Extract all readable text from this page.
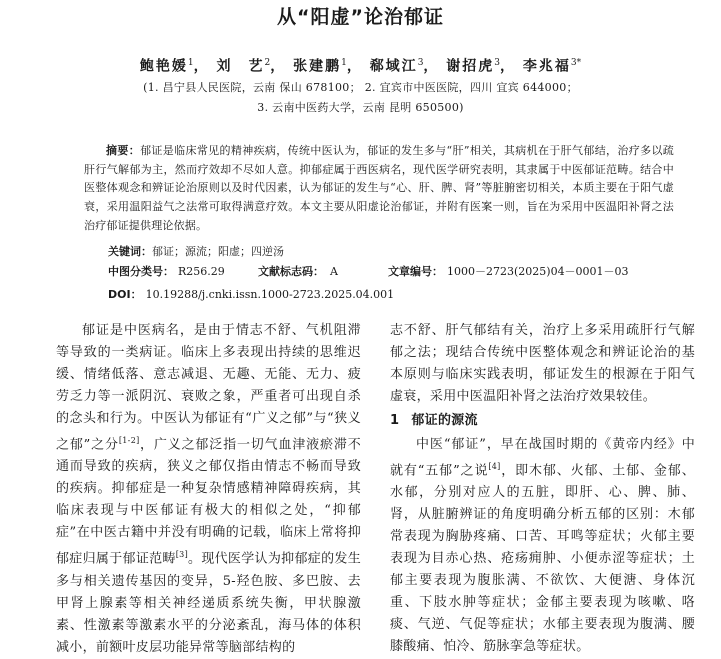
从“阳虚”论治郁证
鲍艳媛$^1$， 刘　艺$^2$， 张建鹏$^1$， 郗域江$^3$， 谢招虎$^3$， 李兆福$^{3*}$
(1. 昌宁县人民医院，云南 保山 678100； 2. 宜宾市中医医院，四川 宜宾 644000；
3. 云南中医药大学，云南 昆明 650500)
摘要：郁证是临床常见的精神疾病，传统中医认为，郁证的发生多与“肝”相关，其病机在于肝气郁结，治疗多以疏肝行气解郁为主，然而疗效却不尽如人意。抑郁症属于西医病名，现代医学研究表明，其隶属于中医郁证范畴。结合中医整体观念和辨证论治原则以及时代因素，认为郁证的发生与“心、肝、脾、肾”等脏腑密切相关，本质主要在于阳气虚衰，采用温阳益气之法常可取得满意疗效。本文主要从阳虚论治郁证，并附有医案一则，旨在为采用中医温阳补肾之法治疗郁证提供理论依据。
关键词：郁证；源流；阳虚；四逆汤
中图分类号： R256.29	文献标志码： A	文章编号： 1000－2723(2025)04－0001－03
DOI： 10.19288/j.cnki.issn.1000-2723.2025.04.001

郁证是中医病名，是由于情志不舒、气机阻滞等导致的一类病证。临床上多表现出持续的思维迟缓、情绪低落、意志减退、无趣、无能、无力、疲劳乏力等一派阴沉、衰败之象，严重者可出现自杀的念头和行为。中医认为郁证有“广义之郁”与“狭义之郁”之分[1-2]，广义之郁泛指一切气血津液瘀滞不通而导致的疾病，狭义之郁仅指由情志不畅而导致的疾病。抑郁症是一种复杂情感精神障碍疾病，其临床表现与中医郁证有极大的相似之处，“抑郁症”在中医古籍中并没有明确的记载，临床上常将抑郁症归属于郁证范畴[3]。现代医学认为抑郁症的发生多与相关遗传基因的变异，5-羟色胺、多巴胺、去甲肾上腺素等相关神经递质系统失衡，甲状腺激素、性激素等激素水平的分泌紊乱，海马体的体积减小，前额叶皮层功能异常等脑部结构的

志不舒、肝气郁结有关，治疗上多采用疏肝行气解郁之法；现结合传统中医整体观念和辨证论治的基本原则与临床实践表明，郁证发生的根源在于阳气虚衰，采用中医温阳补肾之法治疗效果较佳。

1 郁证的源流

中医“郁证”，早在战国时期的《黄帝内经》中就有“五郁”之说[4]，即木郁、火郁、土郁、金郁、水郁，分别对应人的五脏，即肝、心、脾、肺、肾，从脏腑辨证的角度明确分析五郁的区别：木郁常表现为胸胁疼痛、口苦、耳鸣等症状；火郁主要表现为目赤心热、疮疡痈肿、小便赤涩等症状；土郁主要表现为腹胀满、不欲饮、大便溏、身体沉重、下肢水肿等症状；金郁主要表现为咳嗽、咯痰、气逆、气促等症状；水郁主要表现为腹满、腰膝酸痛、怕冷、筋脉挛急等症状。
